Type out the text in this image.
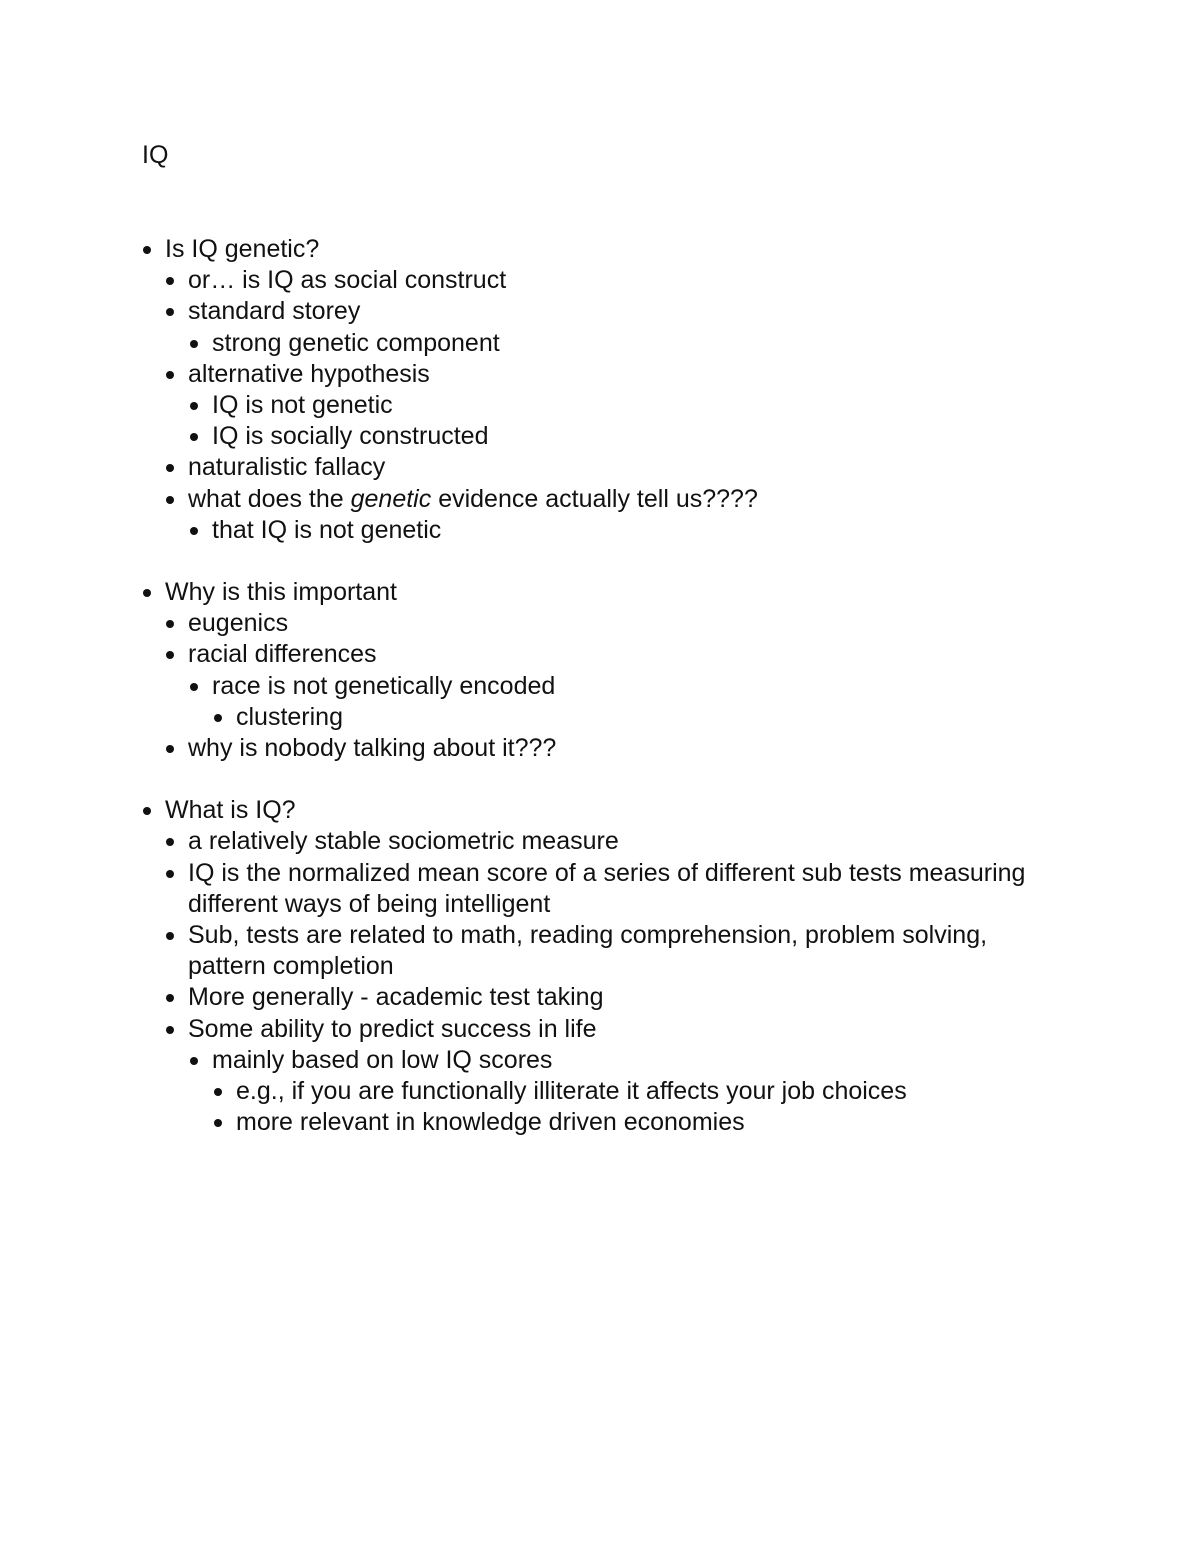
IQ
Is IQ genetic?
or… is IQ as social construct
standard storey
strong genetic component
alternative hypothesis
IQ is not genetic
IQ is socially constructed
naturalistic fallacy
what does the genetic evidence actually tell us????
that IQ is not genetic
Why is this important
eugenics
racial differences
race is not genetically encoded
clustering
why is nobody talking about it???
What is IQ?
a relatively stable sociometric measure
IQ is the normalized mean score of a series of different sub tests measuring different ways of being intelligent
Sub, tests are related to math, reading comprehension, problem solving, pattern completion
More generally - academic test taking
Some ability to predict success in life
mainly based on low IQ scores
e.g., if you are functionally illiterate it affects your job choices
more relevant in knowledge driven economies
